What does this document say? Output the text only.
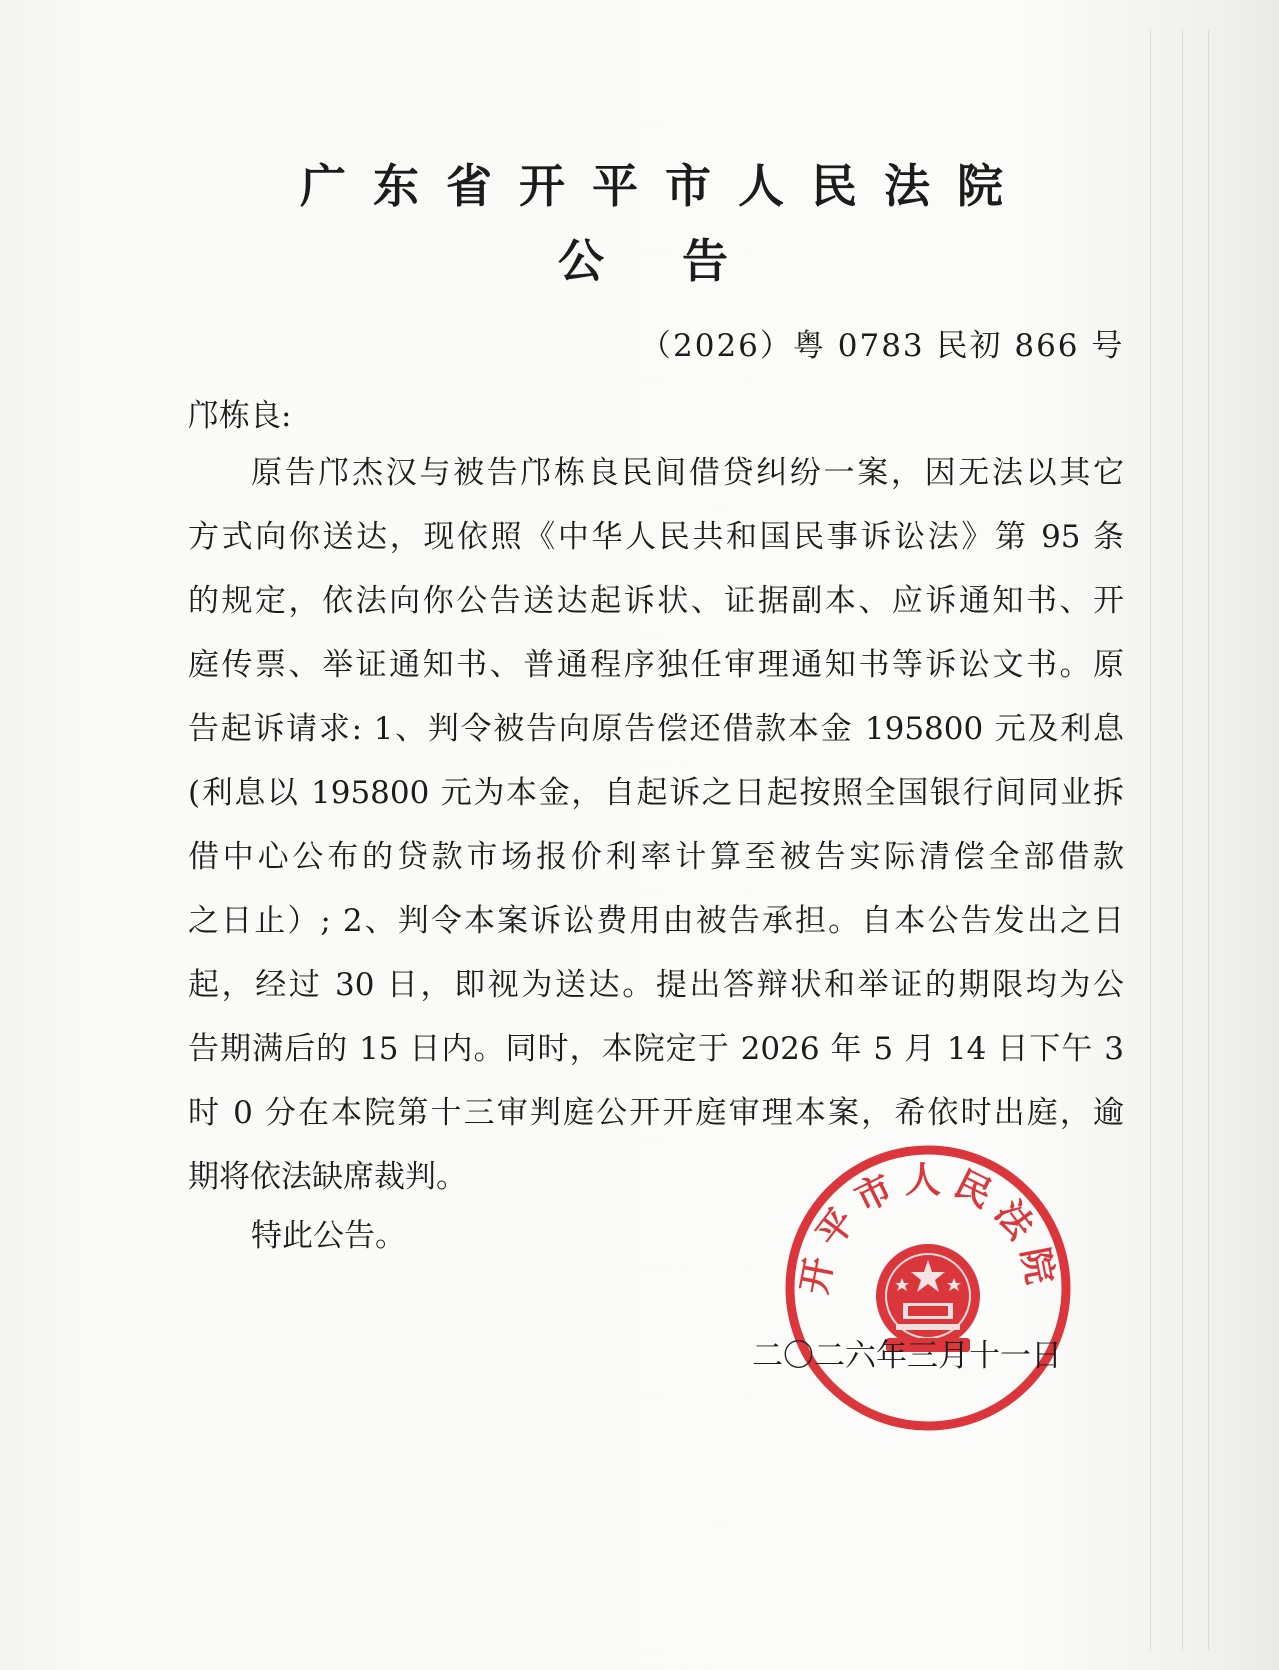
广东省开平市人民法院
公告
（2026）粤 0783 民初 866 号
邝栋良:
原告邝杰汉与被告邝栋良民间借贷纠纷一案，因无法以其它
方式向你送达，现依照《中华人民共和国民事诉讼法》第 95 条
的规定，依法向你公告送达起诉状、证据副本、应诉通知书、开
庭传票、举证通知书、普通程序独任审理通知书等诉讼文书。原
告起诉请求: 1、判令被告向原告偿还借款本金 195800 元及利息
(利息以 195800 元为本金，自起诉之日起按照全国银行间同业拆
借中心公布的贷款市场报价利率计算至被告实际清偿全部借款
之日止）; 2、判令本案诉讼费用由被告承担。自本公告发出之日
起，经过 30 日，即视为送达。提出答辩状和举证的期限均为公
告期满后的 15 日内。同时，本院定于 2026 年 5 月 14 日下午 3
时 0 分在本院第十三审判庭公开开庭审理本案，希依时出庭，逾
期将依法缺席裁判。
特此公告。
开平市人民法院
二〇二六年三月十一日
